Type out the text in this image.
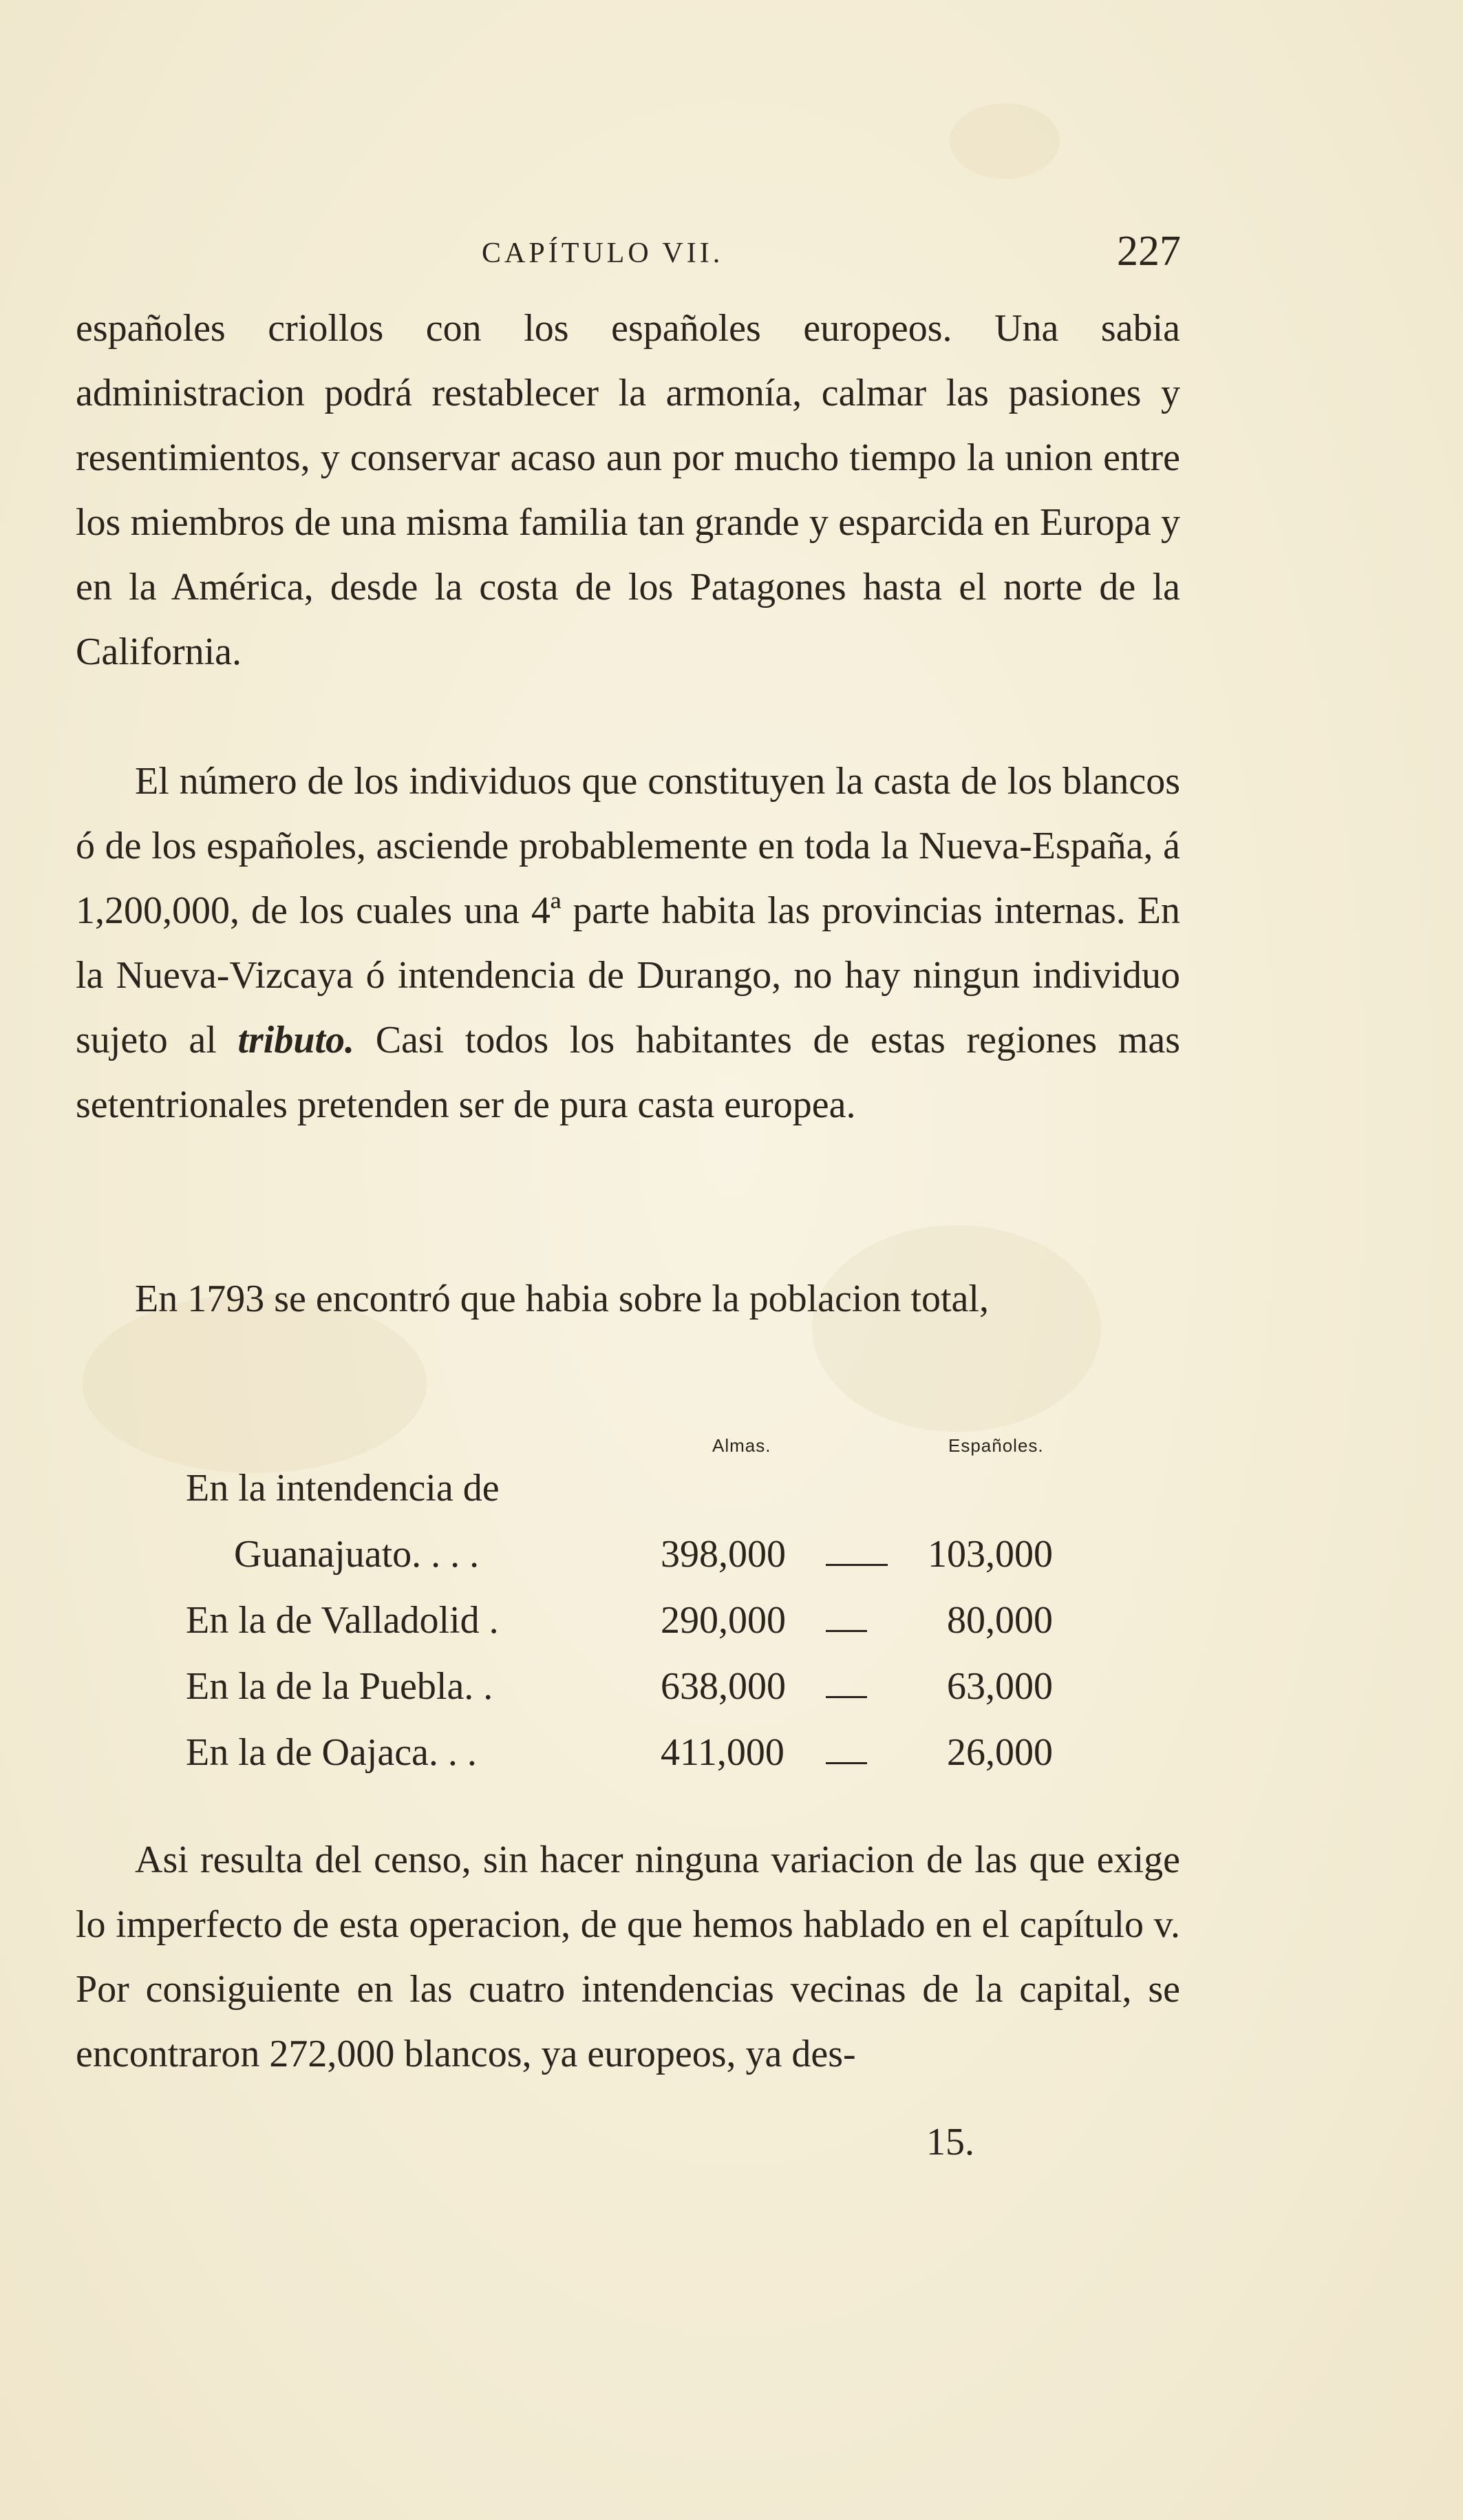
CAPÍTULO VII.	227

españoles criollos con los españoles europeos. Una sabia administracion podrá restablecer la armonía, calmar las pasiones y resentimientos, y conservar acaso aun por mucho tiempo la union entre los miembros de una misma familia tan grande y esparcida en Europa y en la América, desde la costa de los Patagones hasta el norte de la California.

El número de los individuos que constituyen la casta de los blancos ó de los españoles, asciende probablemente en toda la Nueva-España, á 1,200,000, de los cuales una 4ª parte habita las provincias internas. En la Nueva-Vizcaya ó intendencia de Durango, no hay ningun individuo sujeto al tributo. Casi todos los habitantes de estas regiones mas setentrionales pretenden ser de pura casta europea.

En 1793 se encontró que habia sobre la poblacion total,

Almas.	Españoles.
En la intendencia de
Guanajuato. . . .	398,000	103,000
En la de Valladolid .	290,000	80,000
En la de la Puebla. .	638,000	63,000
En la de Oajaca. . .	411,000	26,000

Asi resulta del censo, sin hacer ninguna variacion de las que exige lo imperfecto de esta operacion, de que hemos hablado en el capítulo v. Por consiguiente en las cuatro intendencias vecinas de la capital, se encontraron 272,000 blancos, ya europeos, ya des-

15.
